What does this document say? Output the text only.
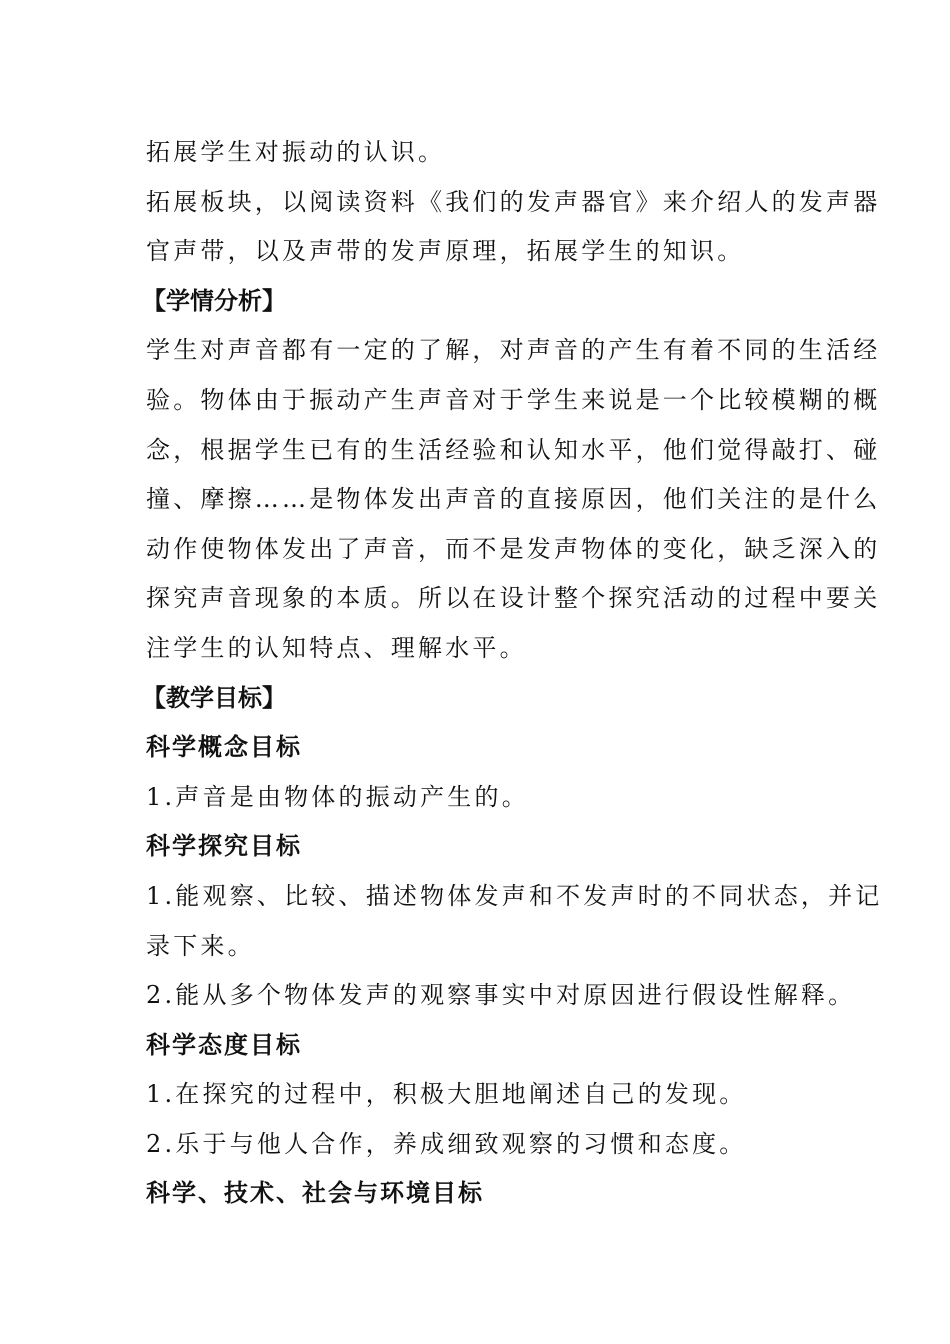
拓展学生对振动的认识。
拓展板块，以阅读资料《我们的发声器官》来介绍人的发声器
官声带，以及声带的发声原理，拓展学生的知识。
【学情分析】
学生对声音都有一定的了解，对声音的产生有着不同的生活经
验。物体由于振动产生声音对于学生来说是一个比较模糊的概
念，根据学生已有的生活经验和认知水平，他们觉得敲打、碰
撞、摩擦……是物体发出声音的直接原因，他们关注的是什么
动作使物体发出了声音，而不是发声物体的变化，缺乏深入的
探究声音现象的本质。所以在设计整个探究活动的过程中要关
注学生的认知特点、理解水平。
【教学目标】
科学概念目标
1.声音是由物体的振动产生的。
科学探究目标
1.能观察、比较、描述物体发声和不发声时的不同状态，并记
录下来。
2.能从多个物体发声的观察事实中对原因进行假设性解释。
科学态度目标
1.在探究的过程中，积极大胆地阐述自己的发现。
2.乐于与他人合作，养成细致观察的习惯和态度。
科学、技术、社会与环境目标
